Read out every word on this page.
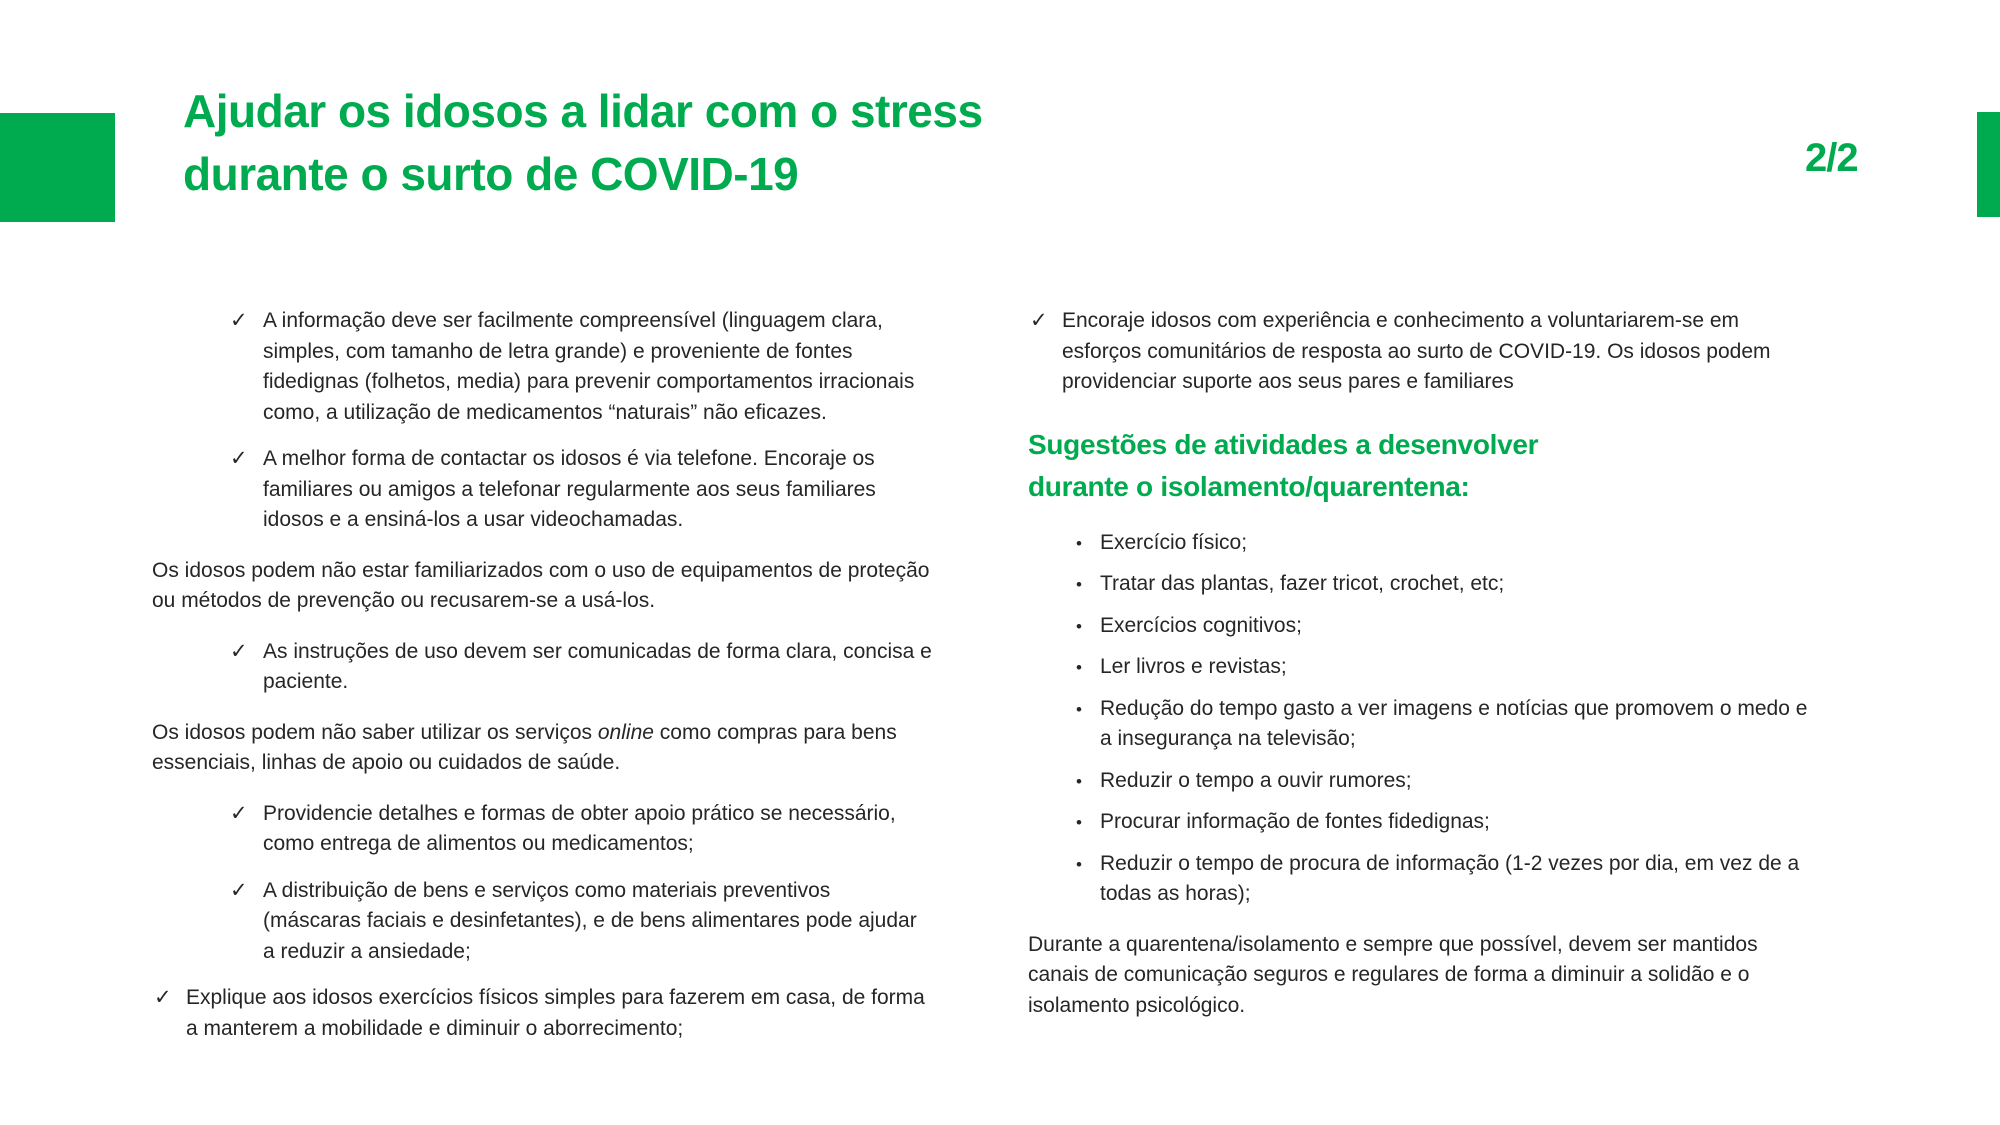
Ajudar os idosos a lidar com o stress
durante o surto de COVID-19	2/2
✓ A informação deve ser facilmente compreensível (linguagem clara, simples, com tamanho de letra grande) e proveniente de fontes fidedignas (folhetos, media) para prevenir comportamentos irracionais como, a utilização de medicamentos “naturais” não eficazes.
✓ A melhor forma de contactar os idosos é via telefone. Encoraje os familiares ou amigos a telefonar regularmente aos seus familiares idosos e a ensiná-los a usar videochamadas.
Os idosos podem não estar familiarizados com o uso de equipamentos de proteção ou métodos de prevenção ou recusarem-se a usá-los.
✓ As instruções de uso devem ser comunicadas de forma clara, concisa e paciente.
Os idosos podem não saber utilizar os serviços online como compras para bens essenciais, linhas de apoio ou cuidados de saúde.
✓ Providencie detalhes e formas de obter apoio prático se necessário, como entrega de alimentos ou medicamentos;
✓ A distribuição de bens e serviços como materiais preventivos (máscaras faciais e desinfetantes), e de bens alimentares pode ajudar a reduzir a ansiedade;
✓ Explique aos idosos exercícios físicos simples para fazerem em casa, de forma a manterem a mobilidade e diminuir o aborrecimento;
✓ Encoraje idosos com experiência e conhecimento a voluntariarem-se em esforços comunitários de resposta ao surto de COVID-19. Os idosos podem providenciar suporte aos seus pares e familiares
Sugestões de atividades a desenvolver
durante o isolamento/quarentena:
• Exercício físico;
• Tratar das plantas, fazer tricot, crochet, etc;
• Exercícios cognitivos;
• Ler livros e revistas;
• Redução do tempo gasto a ver imagens e notícias que promovem o medo e a insegurança na televisão;
• Reduzir o tempo a ouvir rumores;
• Procurar informação de fontes fidedignas;
• Reduzir o tempo de procura de informação (1-2 vezes por dia, em vez de a todas as horas);
Durante a quarentena/isolamento e sempre que possível, devem ser mantidos canais de comunicação seguros e regulares de forma a diminuir a solidão e o isolamento psicológico.
